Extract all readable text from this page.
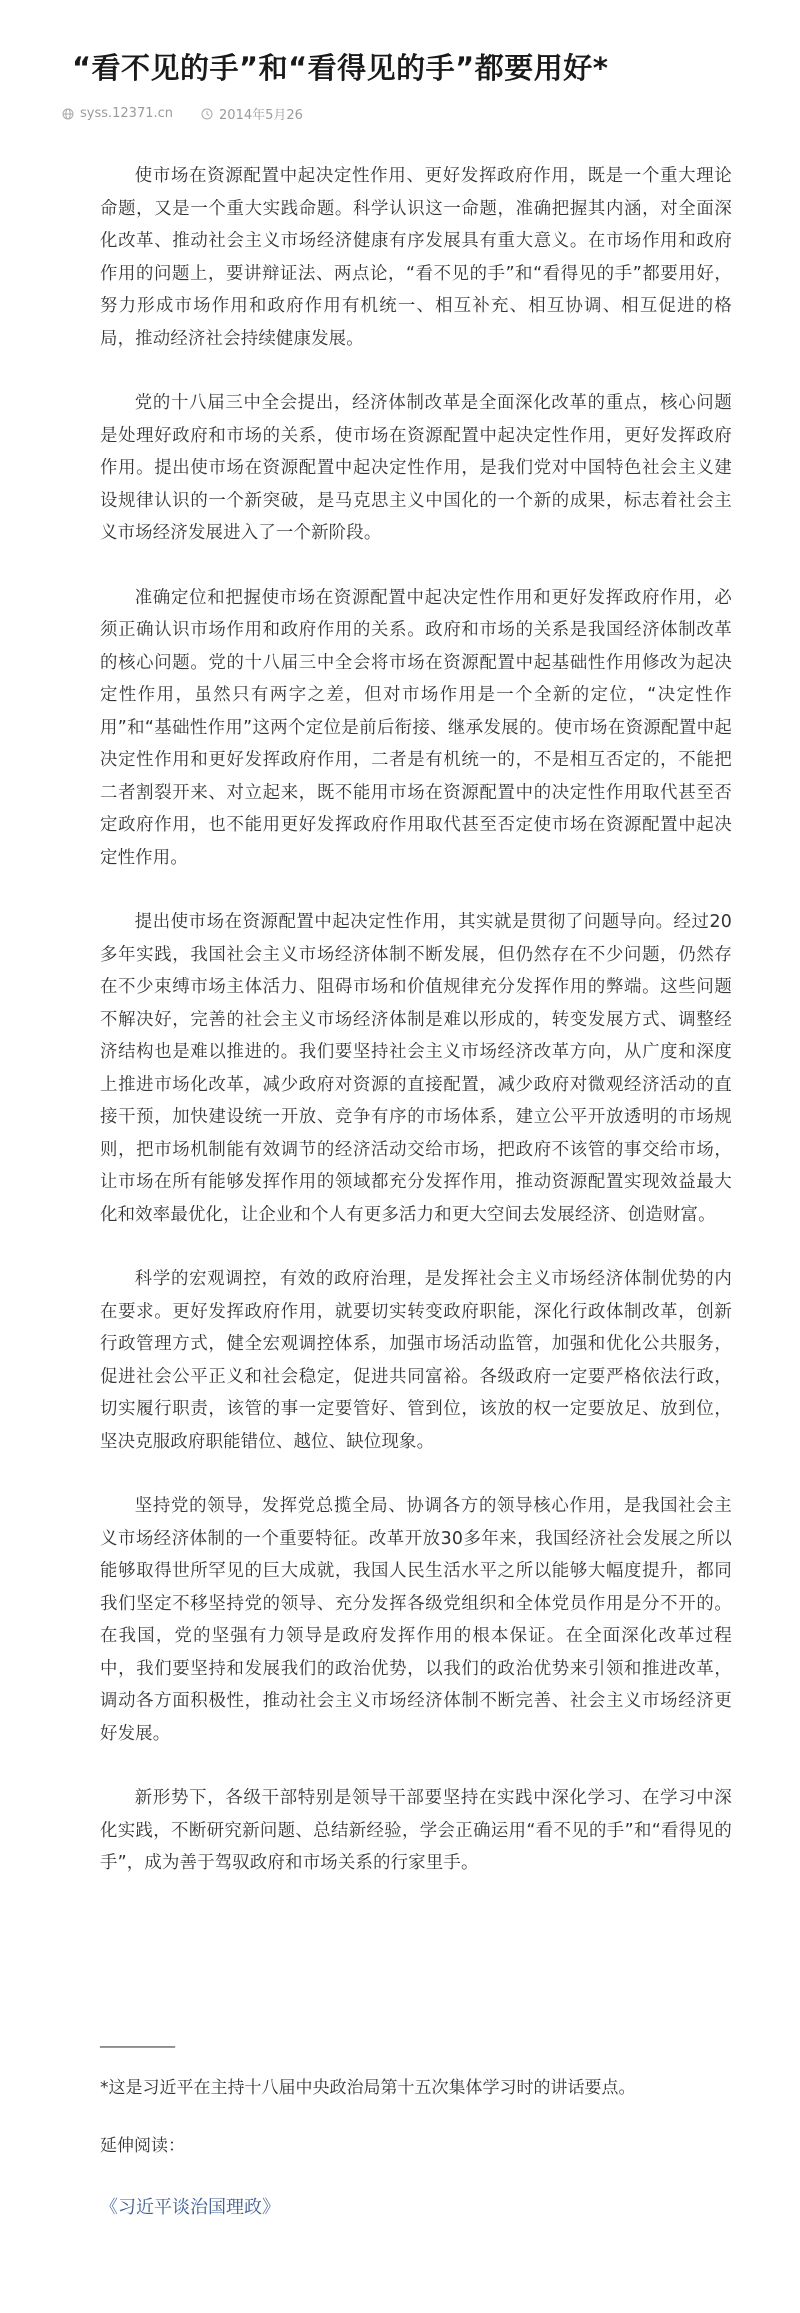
“看不见的手”和“看得见的手”都要用好*
syss.12371.cn	2014年5月26

使市场在资源配置中起决定性作用、更好发挥政府作用，既是一个重大理论命题，又是一个重大实践命题。科学认识这一命题，准确把握其内涵，对全面深化改革、推动社会主义市场经济健康有序发展具有重大意义。在市场作用和政府作用的问题上，要讲辩证法、两点论，“看不见的手”和“看得见的手”都要用好，努力形成市场作用和政府作用有机统一、相互补充、相互协调、相互促进的格局，推动经济社会持续健康发展。

党的十八届三中全会提出，经济体制改革是全面深化改革的重点，核心问题是处理好政府和市场的关系，使市场在资源配置中起决定性作用，更好发挥政府作用。提出使市场在资源配置中起决定性作用，是我们党对中国特色社会主义建设规律认识的一个新突破，是马克思主义中国化的一个新的成果，标志着社会主义市场经济发展进入了一个新阶段。

准确定位和把握使市场在资源配置中起决定性作用和更好发挥政府作用，必须正确认识市场作用和政府作用的关系。政府和市场的关系是我国经济体制改革的核心问题。党的十八届三中全会将市场在资源配置中起基础性作用修改为起决定性作用，虽然只有两字之差，但对市场作用是一个全新的定位，“决定性作用”和“基础性作用”这两个定位是前后衔接、继承发展的。使市场在资源配置中起决定性作用和更好发挥政府作用，二者是有机统一的，不是相互否定的，不能把二者割裂开来、对立起来，既不能用市场在资源配置中的决定性作用取代甚至否定政府作用，也不能用更好发挥政府作用取代甚至否定使市场在资源配置中起决定性作用。

提出使市场在资源配置中起决定性作用，其实就是贯彻了问题导向。经过20多年实践，我国社会主义市场经济体制不断发展，但仍然存在不少问题，仍然存在不少束缚市场主体活力、阻碍市场和价值规律充分发挥作用的弊端。这些问题不解决好，完善的社会主义市场经济体制是难以形成的，转变发展方式、调整经济结构也是难以推进的。我们要坚持社会主义市场经济改革方向，从广度和深度上推进市场化改革，减少政府对资源的直接配置，减少政府对微观经济活动的直接干预，加快建设统一开放、竞争有序的市场体系，建立公平开放透明的市场规则，把市场机制能有效调节的经济活动交给市场，把政府不该管的事交给市场，让市场在所有能够发挥作用的领域都充分发挥作用，推动资源配置实现效益最大化和效率最优化，让企业和个人有更多活力和更大空间去发展经济、创造财富。

科学的宏观调控，有效的政府治理，是发挥社会主义市场经济体制优势的内在要求。更好发挥政府作用，就要切实转变政府职能，深化行政体制改革，创新行政管理方式，健全宏观调控体系，加强市场活动监管，加强和优化公共服务，促进社会公平正义和社会稳定，促进共同富裕。各级政府一定要严格依法行政，切实履行职责，该管的事一定要管好、管到位，该放的权一定要放足、放到位，坚决克服政府职能错位、越位、缺位现象。

坚持党的领导，发挥党总揽全局、协调各方的领导核心作用，是我国社会主义市场经济体制的一个重要特征。改革开放30多年来，我国经济社会发展之所以能够取得世所罕见的巨大成就，我国人民生活水平之所以能够大幅度提升，都同我们坚定不移坚持党的领导、充分发挥各级党组织和全体党员作用是分不开的。在我国，党的坚强有力领导是政府发挥作用的根本保证。在全面深化改革过程中，我们要坚持和发展我们的政治优势，以我们的政治优势来引领和推进改革，调动各方面积极性，推动社会主义市场经济体制不断完善、社会主义市场经济更好发展。

新形势下，各级干部特别是领导干部要坚持在实践中深化学习、在学习中深化实践，不断研究新问题、总结新经验，学会正确运用“看不见的手”和“看得见的手”，成为善于驾驭政府和市场关系的行家里手。

__________
*这是习近平在主持十八届中央政治局第十五次集体学习时的讲话要点。
延伸阅读：
《习近平谈治国理政》
